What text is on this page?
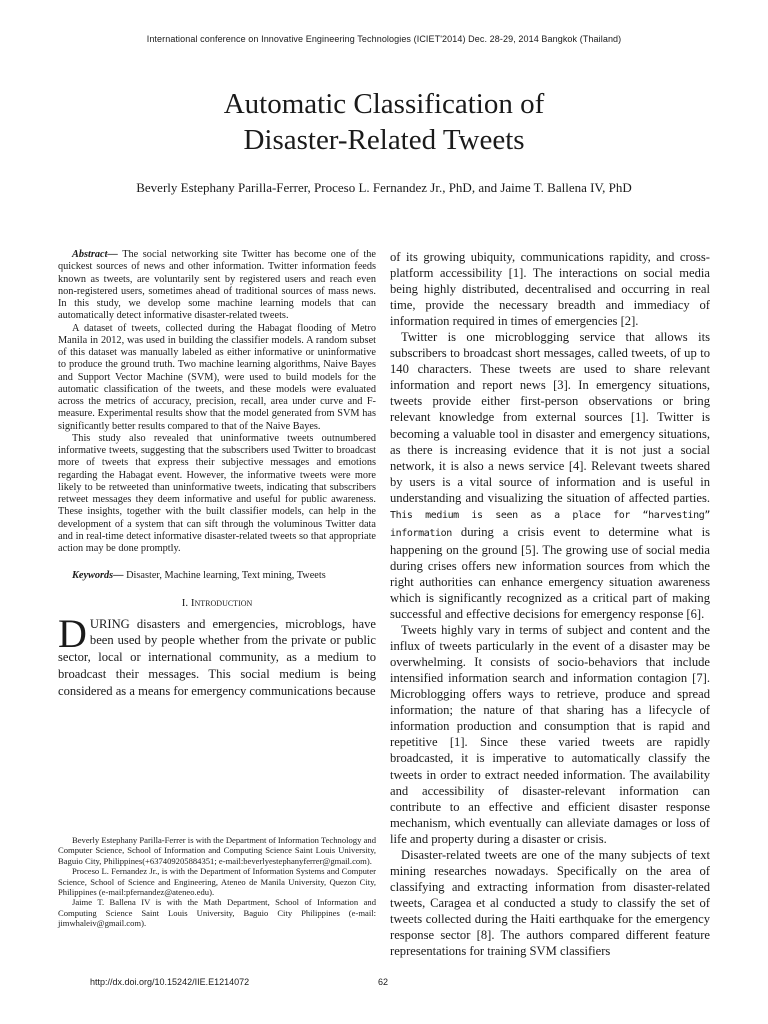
International conference on Innovative Engineering Technologies (ICIET'2014) Dec. 28-29, 2014 Bangkok (Thailand)
Automatic Classification of
Disaster-Related Tweets
Beverly Estephany Parilla-Ferrer, Proceso L. Fernandez Jr., PhD, and Jaime T. Ballena IV, PhD

Abstract— The social networking site Twitter has become one of the quickest sources of news and other information. Twitter information feeds known as tweets, are voluntarily sent by registered users and reach even non-registered users, sometimes ahead of traditional sources of mass news. In this study, we develop some machine learning models that can automatically detect informative disaster-related tweets.

A dataset of tweets, collected during the Habagat flooding of Metro Manila in 2012, was used in building the classifier models. A random subset of this dataset was manually labeled as either informative or uninformative to produce the ground truth. Two machine learning algorithms, Naive Bayes and Support Vector Machine (SVM), were used to build models for the automatic classification of the tweets, and these models were evaluated across the metrics of accuracy, precision, recall, area under curve and F-measure. Experimental results show that the model generated from SVM has significantly better results compared to that of the Naive Bayes.

This study also revealed that uninformative tweets outnumbered informative tweets, suggesting that the subscribers used Twitter to broadcast more of tweets that express their subjective messages and emotions regarding the Habagat event. However, the informative tweets were more likely to be retweeted than uninformative tweets, indicating that subscribers retweet messages they deem informative and useful for public awareness. These insights, together with the built classifier models, can help in the development of a system that can sift through the voluminous Twitter data and in real-time detect informative disaster-related tweets so that appropriate action may be done promptly.

Keywords— Disaster, Machine learning, Text mining, Tweets
I. Introduction
DURING disasters and emergencies, microblogs, have been used by people whether from the private or public sector, local or international community, as a medium to broadcast their messages. This social medium is being considered as a means for emergency communications because

Beverly Estephany Parilla-Ferrer is with the Department of Information Technology and Computer Science, School of Information and Computing Science Saint Louis University, Baguio City, Philippines(+637409205884351; e-mail:beverlyestephanyferrer@gmail.com).

Proceso L. Fernandez Jr., is with the Department of Information Systems and Computer Science, School of Science and Engineering, Ateneo de Manila University, Quezon City, Philippines (e-mail:pfernandez@ateneo.edu).

Jaime T. Ballena IV is with the Math Department, School of Information and Computing Science Saint Louis University, Baguio City Philippines (e-mail: jimwhaleiv@gmail.com).

of its growing ubiquity, communications rapidity, and cross-platform accessibility [1]. The interactions on social media being highly distributed, decentralised and occurring in real time, provide the necessary breadth and immediacy of information required in times of emergencies [2].

Twitter is one microblogging service that allows its subscribers to broadcast short messages, called tweets, of up to 140 characters. These tweets are used to share relevant information and report news [3]. In emergency situations, tweets provide either first-person observations or bring relevant knowledge from external sources [1]. Twitter is becoming a valuable tool in disaster and emergency situations, as there is increasing evidence that it is not just a social network, it is also a news service [4]. Relevant tweets shared by users is a vital source of information and is useful in understanding and visualizing the situation of affected parties. This medium is seen as a place for “harvesting” information during a crisis event to determine what is happening on the ground [5]. The growing use of social media during crises offers new information sources from which the right authorities can enhance emergency situation awareness which is significantly recognized as a critical part of making successful and effective decisions for emergency response [6].

Tweets highly vary in terms of subject and content and the influx of tweets particularly in the event of a disaster may be overwhelming. It consists of socio-behaviors that include intensified information search and information contagion [7]. Microblogging offers ways to retrieve, produce and spread information; the nature of that sharing has a lifecycle of information production and consumption that is rapid and repetitive [1]. Since these varied tweets are rapidly broadcasted, it is imperative to automatically classify the tweets in order to extract needed information. The availability and accessibility of disaster-relevant information can contribute to an effective and efficient disaster response mechanism, which eventually can alleviate damages or loss of life and property during a disaster or crisis.

Disaster-related tweets are one of the many subjects of text mining researches nowadays. Specifically on the area of classifying and extracting information from disaster-related tweets, Caragea et al conducted a study to classify the set of tweets collected during the Haiti earthquake for the emergency response sector [8]. The authors compared different feature representations for training SVM classifiers

http://dx.doi.org/10.15242/IIE.E1214072	62
